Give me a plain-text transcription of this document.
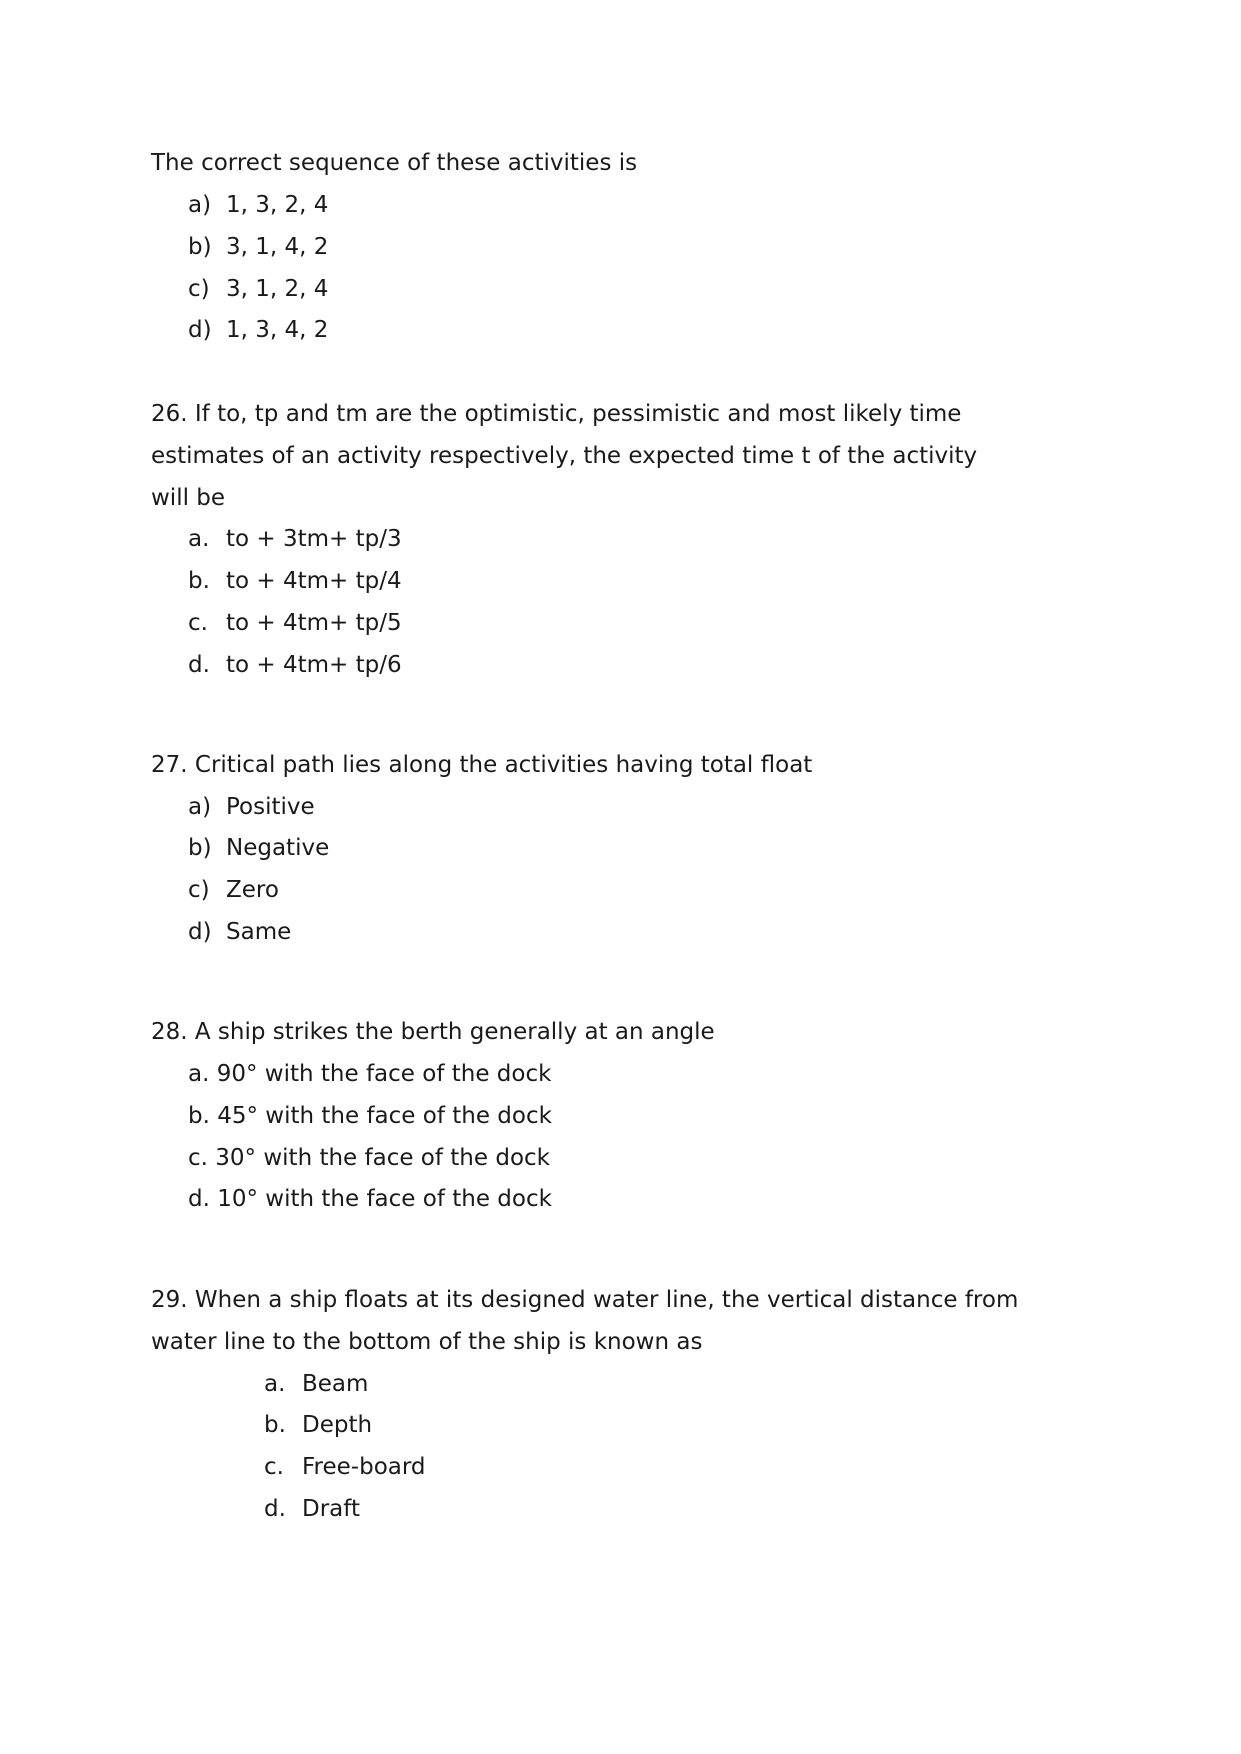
The correct sequence of these activities is
a) 1, 3, 2, 4
b) 3, 1, 4, 2
c) 3, 1, 2, 4
d) 1, 3, 4, 2
26. If to, tp and tm are the optimistic, pessimistic and most likely time
estimates of an activity respectively, the expected time t of the activity
will be
a. to + 3tm+ tp/3
b. to + 4tm+ tp/4
c. to + 4tm+ tp/5
d. to + 4tm+ tp/6
27. Critical path lies along the activities having total float
a) Positive
b) Negative
c) Zero
d) Same
28. A ship strikes the berth generally at an angle
a. 90° with the face of the dock
b. 45° with the face of the dock
c. 30° with the face of the dock
d. 10° with the face of the dock
29. When a ship floats at its designed water line, the vertical distance from
water line to the bottom of the ship is known as
a. Beam
b. Depth
c. Free-board
d. Draft
